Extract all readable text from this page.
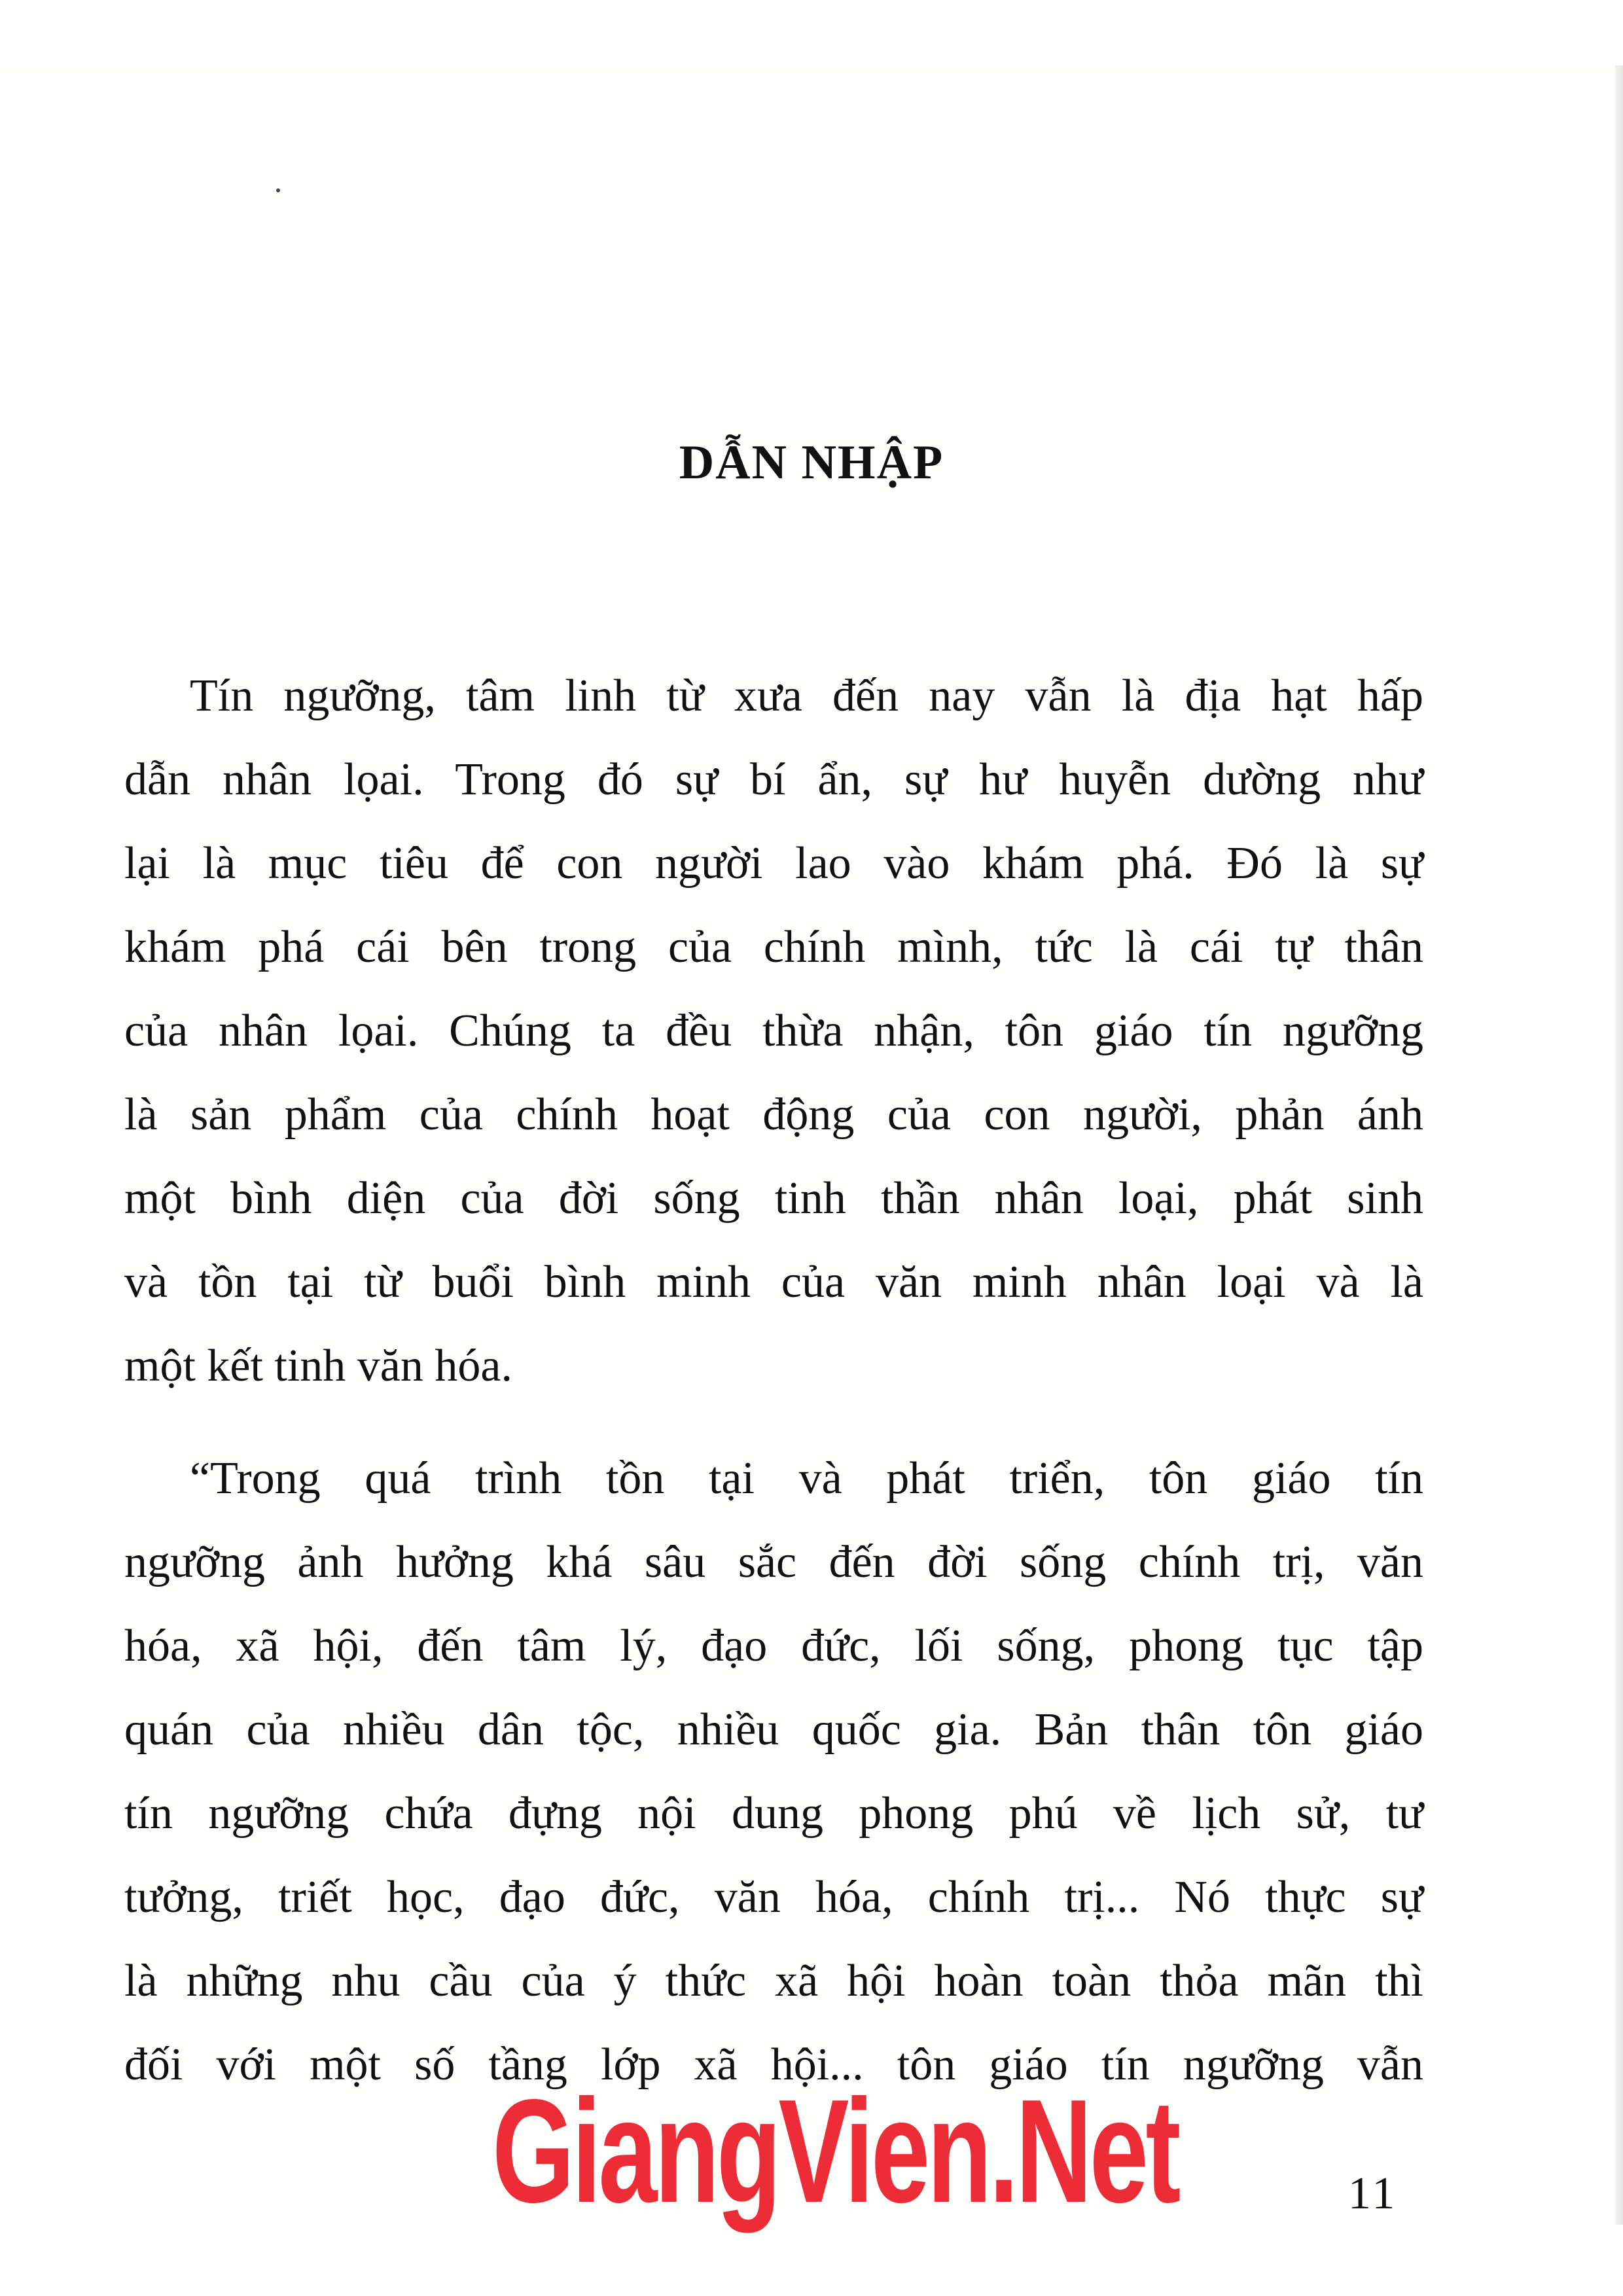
DẪN NHẬP
Tín ngưỡng, tâm linh từ xưa đến nay vẫn là địa hạt hấp
dẫn nhân lọai. Trong đó sự bí ẩn, sự hư huyễn dường như
lại là mục tiêu để con người lao vào khám phá. Đó là sự
khám phá cái bên trong của chính mình, tức là cái tự thân
của nhân lọai. Chúng ta đều thừa nhận, tôn giáo tín ngưỡng
là sản phẩm của chính hoạt động của con người, phản ánh
một bình diện của đời sống tinh thần nhân loại, phát sinh
và tồn tại từ buổi bình minh của văn minh nhân loại và là
một kết tinh văn hóa.
“Trong quá trình tồn tại và phát triển, tôn giáo tín
ngưỡng ảnh hưởng khá sâu sắc đến đời sống chính trị, văn
hóa, xã hội, đến tâm lý, đạo đức, lối sống, phong tục tập
quán của nhiều dân tộc, nhiều quốc gia. Bản thân tôn giáo
tín ngưỡng chứa đựng nội dung phong phú về lịch sử, tư
tưởng, triết học, đạo đức, văn hóa, chính trị... Nó thực sự
là những nhu cầu của ý thức xã hội hoàn toàn thỏa mãn thì
đối với một số tầng lớp xã hội... tôn giáo tín ngưỡng vẫn
GiangVien.Net	11
